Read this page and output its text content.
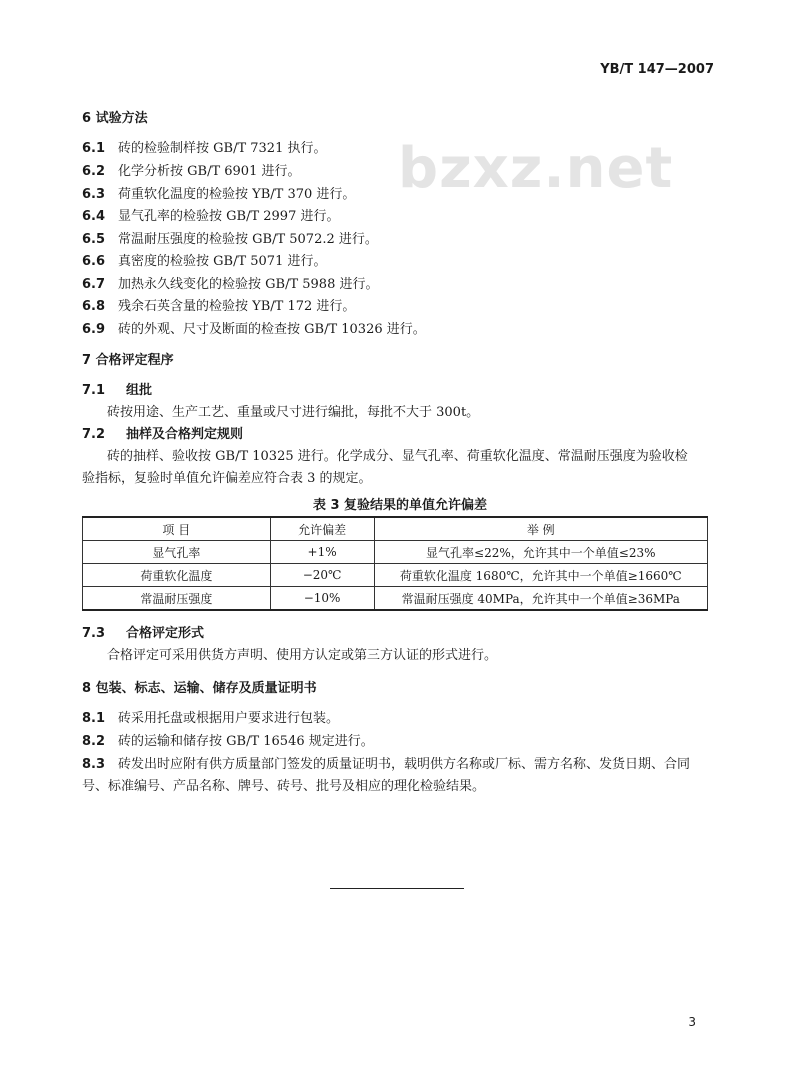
YB/T 147—2007
bzxz.net
6 试验方法
6.1 砖的检验制样按 GB/T 7321 执行。
6.2 化学分析按 GB/T 6901 进行。
6.3 荷重软化温度的检验按 YB/T 370 进行。
6.4 显气孔率的检验按 GB/T 2997 进行。
6.5 常温耐压强度的检验按 GB/T 5072.2 进行。
6.6 真密度的检验按 GB/T 5071 进行。
6.7 加热永久线变化的检验按 GB/T 5988 进行。
6.8 残余石英含量的检验按 YB/T 172 进行。
6.9 砖的外观、尺寸及断面的检查按 GB/T 10326 进行。
7 合格评定程序
7.1 组批
砖按用途、生产工艺、重量或尺寸进行编批，每批不大于 300t。
7.2 抽样及合格判定规则
砖的抽样、验收按 GB/T 10325 进行。化学成分、显气孔率、荷重软化温度、常温耐压强度为验收检
验指标，复验时单值允许偏差应符合表 3 的规定。
表 3 复验结果的单值允许偏差
项 目	允许偏差	举 例
显气孔率	+1%	显气孔率≤22%，允许其中一个单值≤23%
荷重软化温度	−20℃	荷重软化温度 1680℃，允许其中一个单值≥1660℃
常温耐压强度	−10%	常温耐压强度 40MPa，允许其中一个单值≥36MPa
7.3 合格评定形式
合格评定可采用供货方声明、使用方认定或第三方认证的形式进行。
8 包装、标志、运输、储存及质量证明书
8.1 砖采用托盘或根据用户要求进行包装。
8.2 砖的运输和储存按 GB/T 16546 规定进行。
8.3 砖发出时应附有供方质量部门签发的质量证明书，载明供方名称或厂标、需方名称、发货日期、合同
号、标准编号、产品名称、牌号、砖号、批号及相应的理化检验结果。
3
